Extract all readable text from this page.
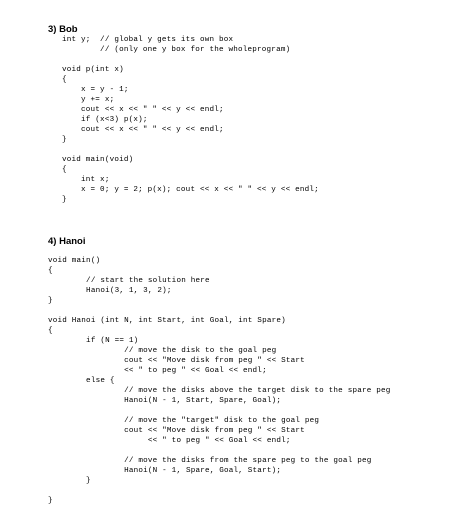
3) Bob
int y;  // global y gets its own box
// (only one y box for the wholeprogram)
void p(int x)
{
x = y - 1;
y += x;
cout << x << " " << y << endl;
if (x<3) p(x);
cout << x << " " << y << endl;
}
void main(void)
{
int x;
x = 0; y = 2; p(x); cout << x << " " << y << endl;
}
4) Hanoi
void main()
{
// start the solution here
Hanoi(3, 1, 3, 2);
}
void Hanoi (int N, int Start, int Goal, int Spare)
{
if (N == 1)
// move the disk to the goal peg
cout << "Move disk from peg " << Start
<< " to peg " << Goal << endl;
else {
// move the disks above the target disk to the spare peg
Hanoi(N - 1, Start, Spare, Goal);
// move the "target" disk to the goal peg
cout << "Move disk from peg " << Start
<< " to peg " << Goal << endl;
// move the disks from the spare peg to the goal peg
Hanoi(N - 1, Spare, Goal, Start);
}
}
